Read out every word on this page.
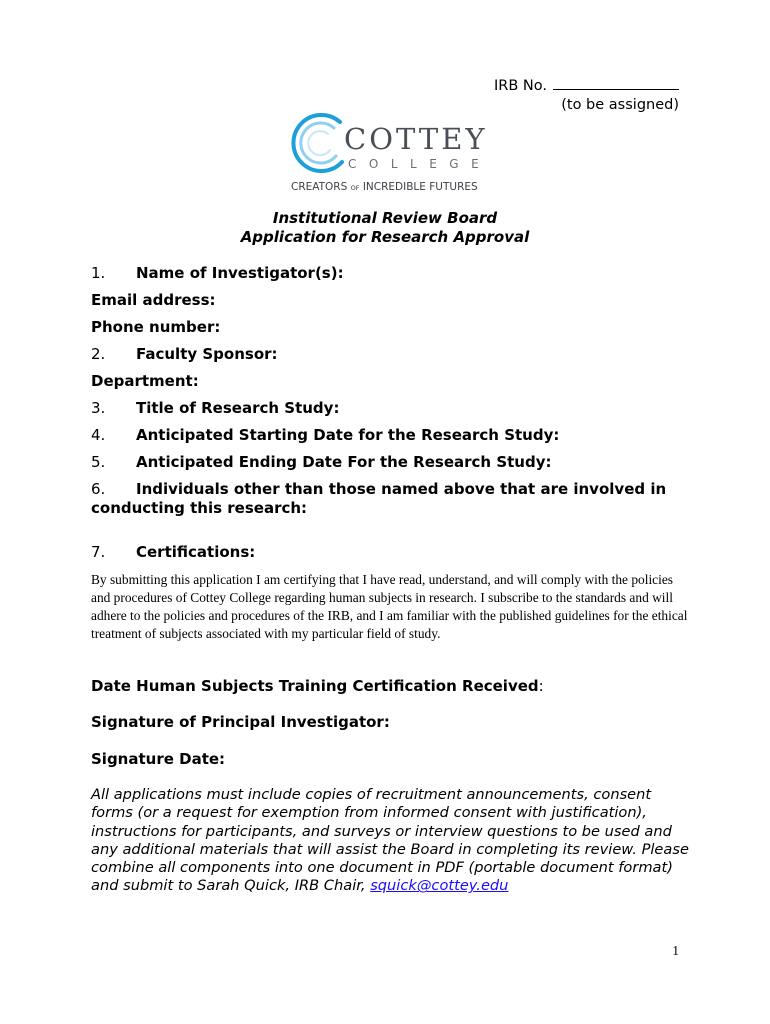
IRB No.
(to be assigned)
COTTEY
COLLEGE
CREATORS OF INCREDIBLE FUTURES
Institutional Review Board
Application for Research Approval
1. Name of Investigator(s):
Email address:
Phone number:
2. Faculty Sponsor:
Department:
3. Title of Research Study:
4. Anticipated Starting Date for the Research Study:
5. Anticipated Ending Date For the Research Study:
6. Individuals other than those named above that are involved in conducting this research:
7. Certifications:
By submitting this application I am certifying that I have read, understand, and will comply with the policies and procedures of Cottey College regarding human subjects in research. I subscribe to the standards and will adhere to the policies and procedures of the IRB, and I am familiar with the published guidelines for the ethical treatment of subjects associated with my particular field of study.
Date Human Subjects Training Certification Received:
Signature of Principal Investigator:
Signature Date:
All applications must include copies of recruitment announcements, consent forms (or a request for exemption from informed consent with justification), instructions for participants, and surveys or interview questions to be used and any additional materials that will assist the Board in completing its review. Please combine all components into one document in PDF (portable document format) and submit to Sarah Quick, IRB Chair, squick@cottey.edu
1
